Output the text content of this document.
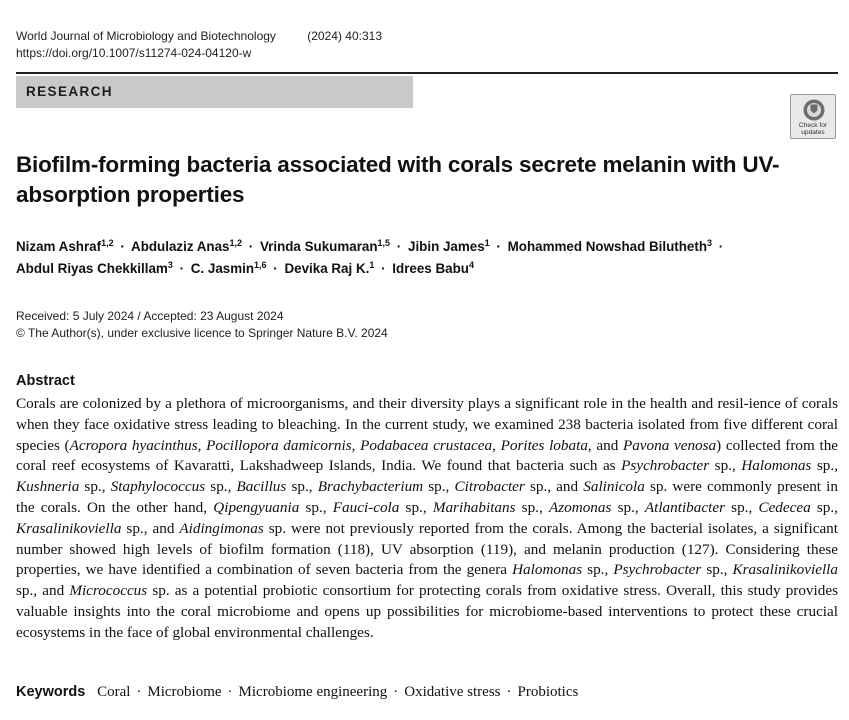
World Journal of Microbiology and Biotechnology	(2024) 40:313
https://doi.org/10.1007/s11274-024-04120-w
RESEARCH
Check for
updates
Biofilm-forming bacteria associated with corals secrete melanin with UV-absorption properties
Nizam Ashraf$^{1,2}$ · Abdulaziz Anas$^{1,2}$ · Vrinda Sukumaran$^{1,5}$ · Jibin James$^1$ · Mohammed Nowshad Bilutheth$^3$ ·
Abdul Riyas Chekkillam$^3$ · C. Jasmin$^{1,6}$ · Devika Raj K.$^1$ · Idrees Babu$^4$
Received: 5 July 2024 / Accepted: 23 August 2024
© The Author(s), under exclusive licence to Springer Nature B.V. 2024
Abstract
Corals are colonized by a plethora of microorganisms, and their diversity plays a significant role in the health and resil-ience of corals when they face oxidative stress leading to bleaching. In the current study, we examined 238 bacteria isolated from five different coral species (Acropora hyacinthus, Pocillopora damicornis, Podabacea crustacea, Porites lobata, and Pavona venosa) collected from the coral reef ecosystems of Kavaratti, Lakshadweep Islands, India. We found that bacteria such as Psychrobacter sp., Halomonas sp., Kushneria sp., Staphylococcus sp., Bacillus sp., Brachybacterium sp., Citrobacter sp., and Salinicola sp. were commonly present in the corals. On the other hand, Qipengyuania sp., Fauci-cola sp., Marihabitans sp., Azomonas sp., Atlantibacter sp., Cedecea sp., Krasalinikoviella sp., and Aidingimonas sp. were not previously reported from the corals. Among the bacterial isolates, a significant number showed high levels of biofilm formation (118), UV absorption (119), and melanin production (127). Considering these properties, we have identified a combination of seven bacteria from the genera Halomonas sp., Psychrobacter sp., Krasalinikoviella sp., and Micrococcus sp. as a potential probiotic consortium for protecting corals from oxidative stress. Overall, this study provides valuable insights into the coral microbiome and opens up possibilities for microbiome-based interventions to protect these crucial ecosystems in the face of global environmental challenges.
Keywords Coral · Microbiome · Microbiome engineering · Oxidative stress · Probiotics
